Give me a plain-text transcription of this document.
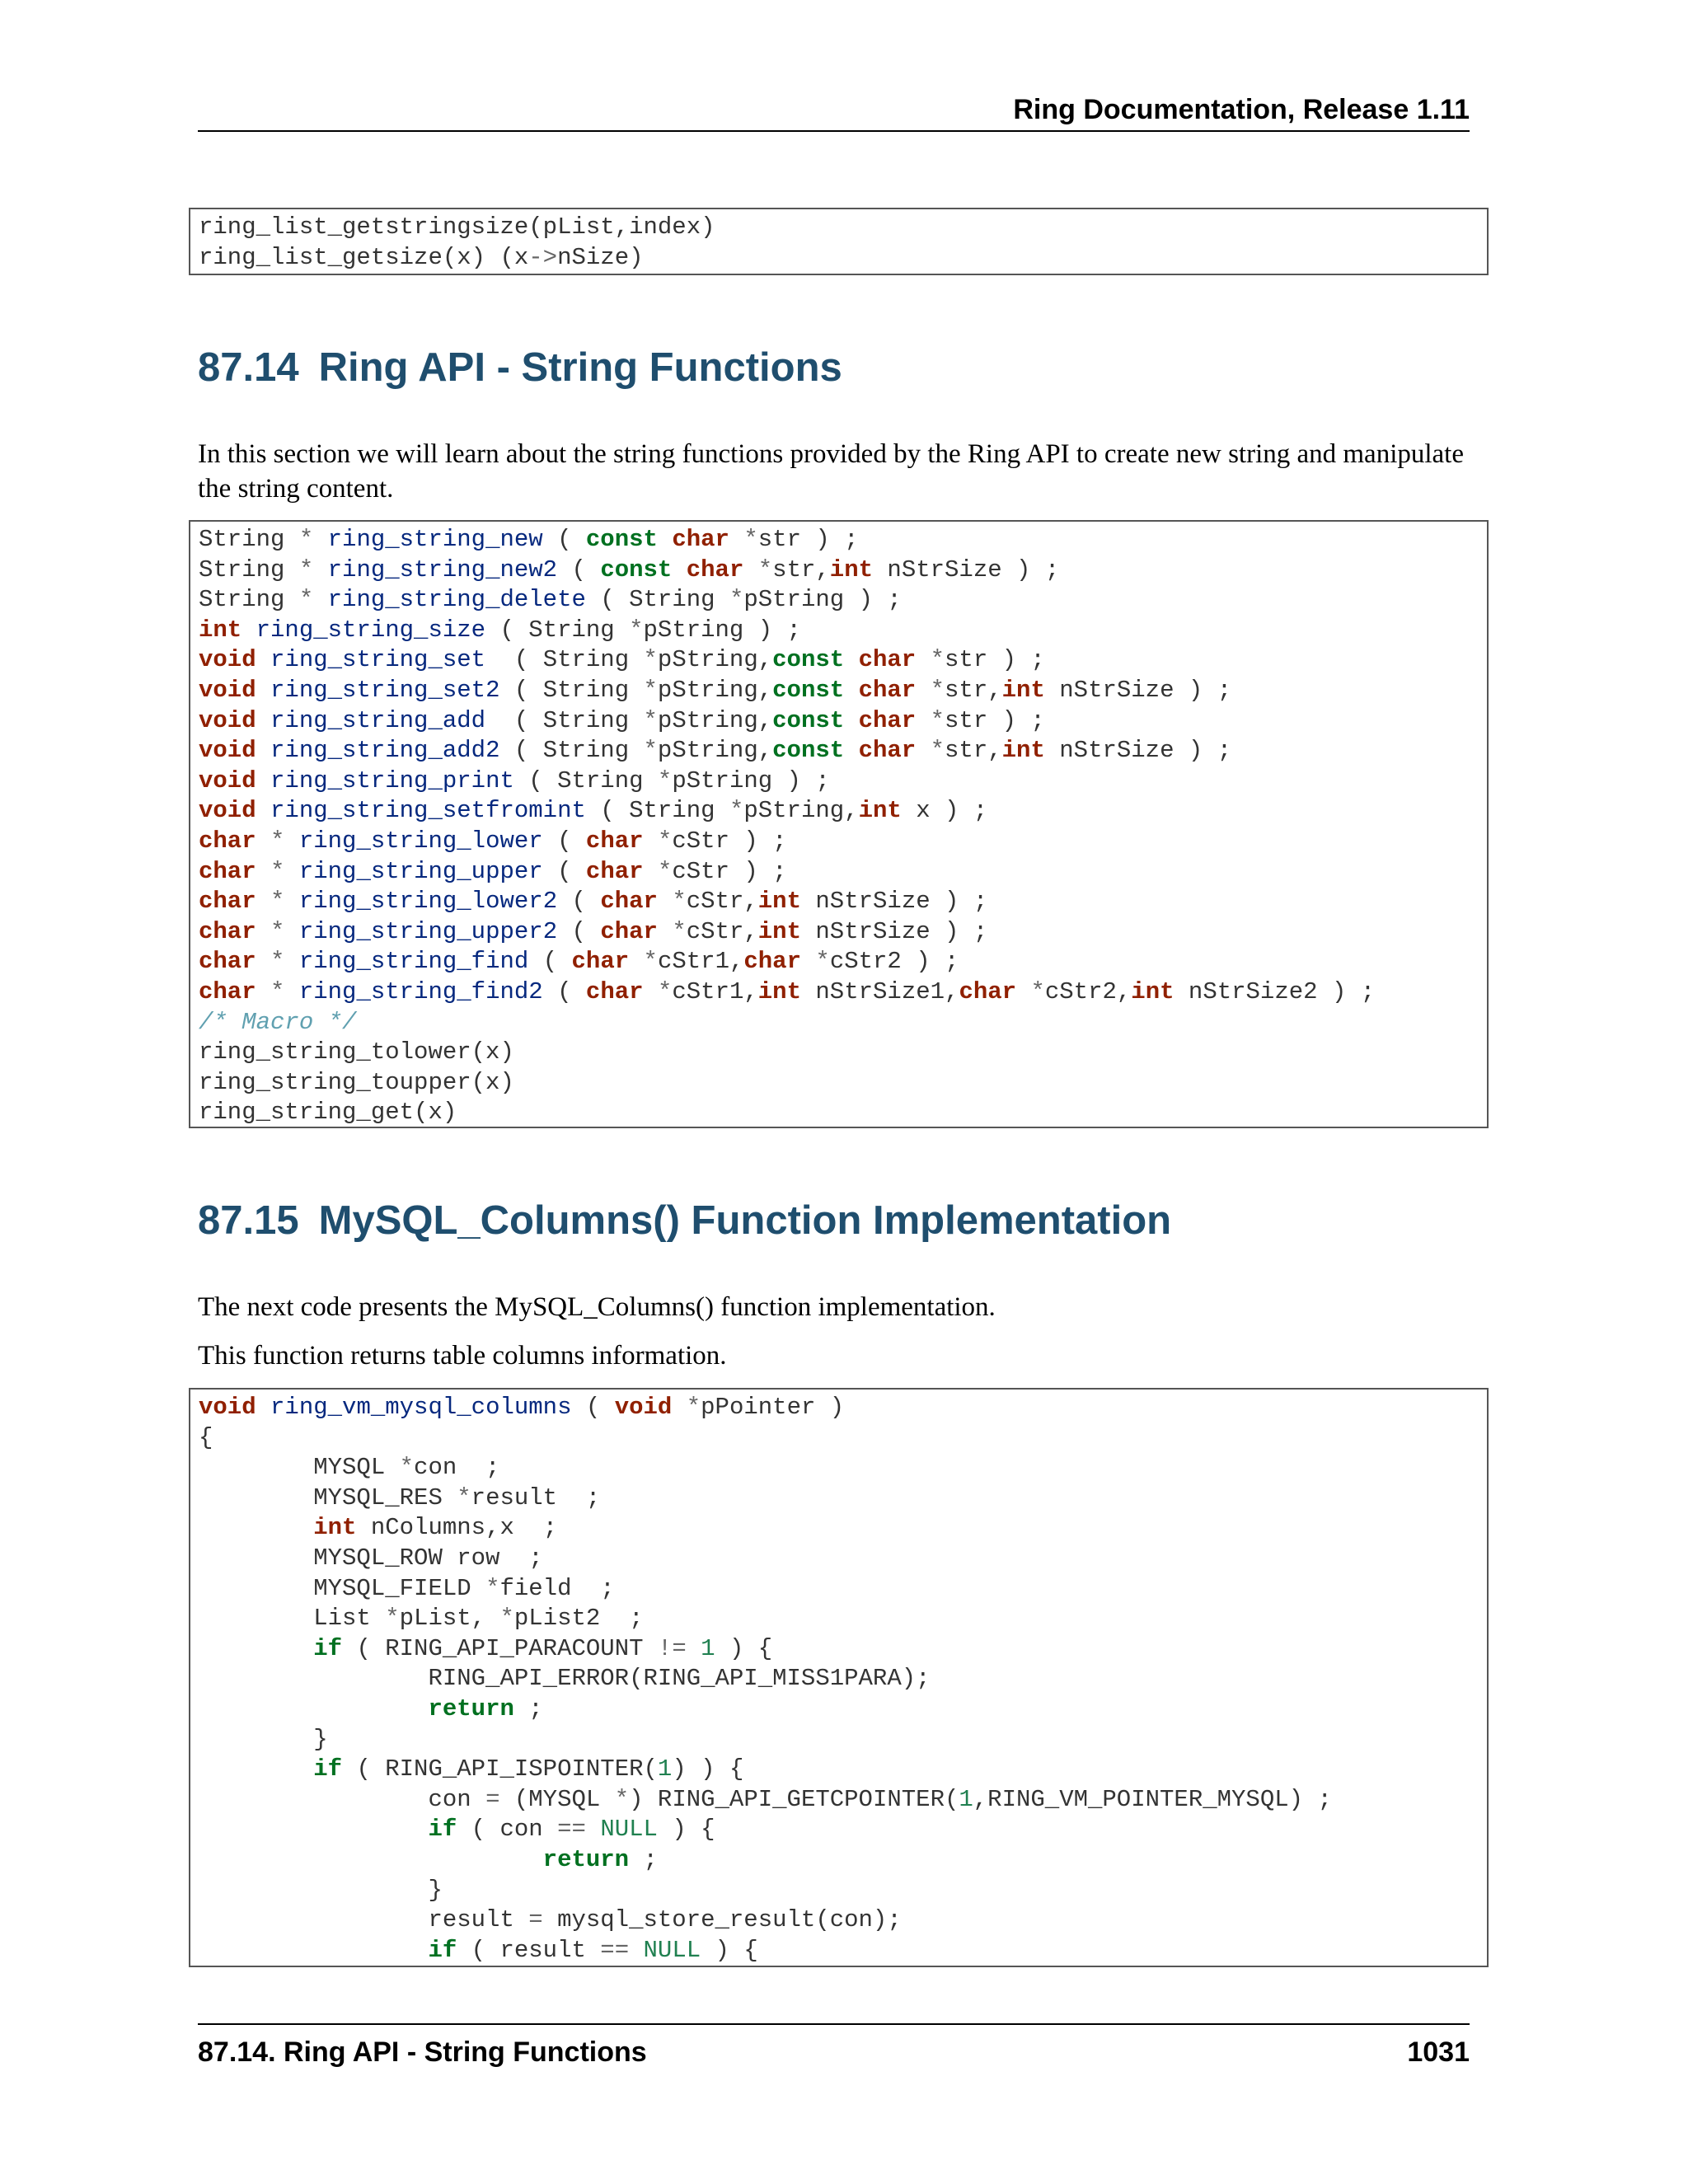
Ring Documentation, Release 1.11
ring_list_getstringsize(pList,index)
ring_list_getsize(x) (x->nSize)
87.14 Ring API - String Functions
In this section we will learn about the string functions provided by the Ring API to create new string and manipulate the string content.
String * ring_string_new ( const char *str ) ;
String * ring_string_new2 ( const char *str,int nStrSize ) ;
String * ring_string_delete ( String *pString ) ;
int ring_string_size ( String *pString ) ;
void ring_string_set  ( String *pString,const char *str ) ;
void ring_string_set2 ( String *pString,const char *str,int nStrSize ) ;
void ring_string_add  ( String *pString,const char *str ) ;
void ring_string_add2 ( String *pString,const char *str,int nStrSize ) ;
void ring_string_print ( String *pString ) ;
void ring_string_setfromint ( String *pString,int x ) ;
char * ring_string_lower ( char *cStr ) ;
char * ring_string_upper ( char *cStr ) ;
char * ring_string_lower2 ( char *cStr,int nStrSize ) ;
char * ring_string_upper2 ( char *cStr,int nStrSize ) ;
char * ring_string_find ( char *cStr1,char *cStr2 ) ;
char * ring_string_find2 ( char *cStr1,int nStrSize1,char *cStr2,int nStrSize2 ) ;
/* Macro */
ring_string_tolower(x)
ring_string_toupper(x)
ring_string_get(x)
87.15 MySQL_Columns() Function Implementation
The next code presents the MySQL_Columns() function implementation.
This function returns table columns information.
void ring_vm_mysql_columns ( void *pPointer )
{
MYSQL *con  ;
MYSQL_RES *result  ;
int nColumns,x  ;
MYSQL_ROW row  ;
MYSQL_FIELD *field  ;
List *pList, *pList2  ;
if ( RING_API_PARACOUNT != 1 ) {
RING_API_ERROR(RING_API_MISS1PARA);
return ;
}
if ( RING_API_ISPOINTER(1) ) {
con = (MYSQL *) RING_API_GETCPOINTER(1,RING_VM_POINTER_MYSQL) ;
if ( con == NULL ) {
return ;
}
result = mysql_store_result(con);
if ( result == NULL ) {
87.14. Ring API - String Functions	1031
